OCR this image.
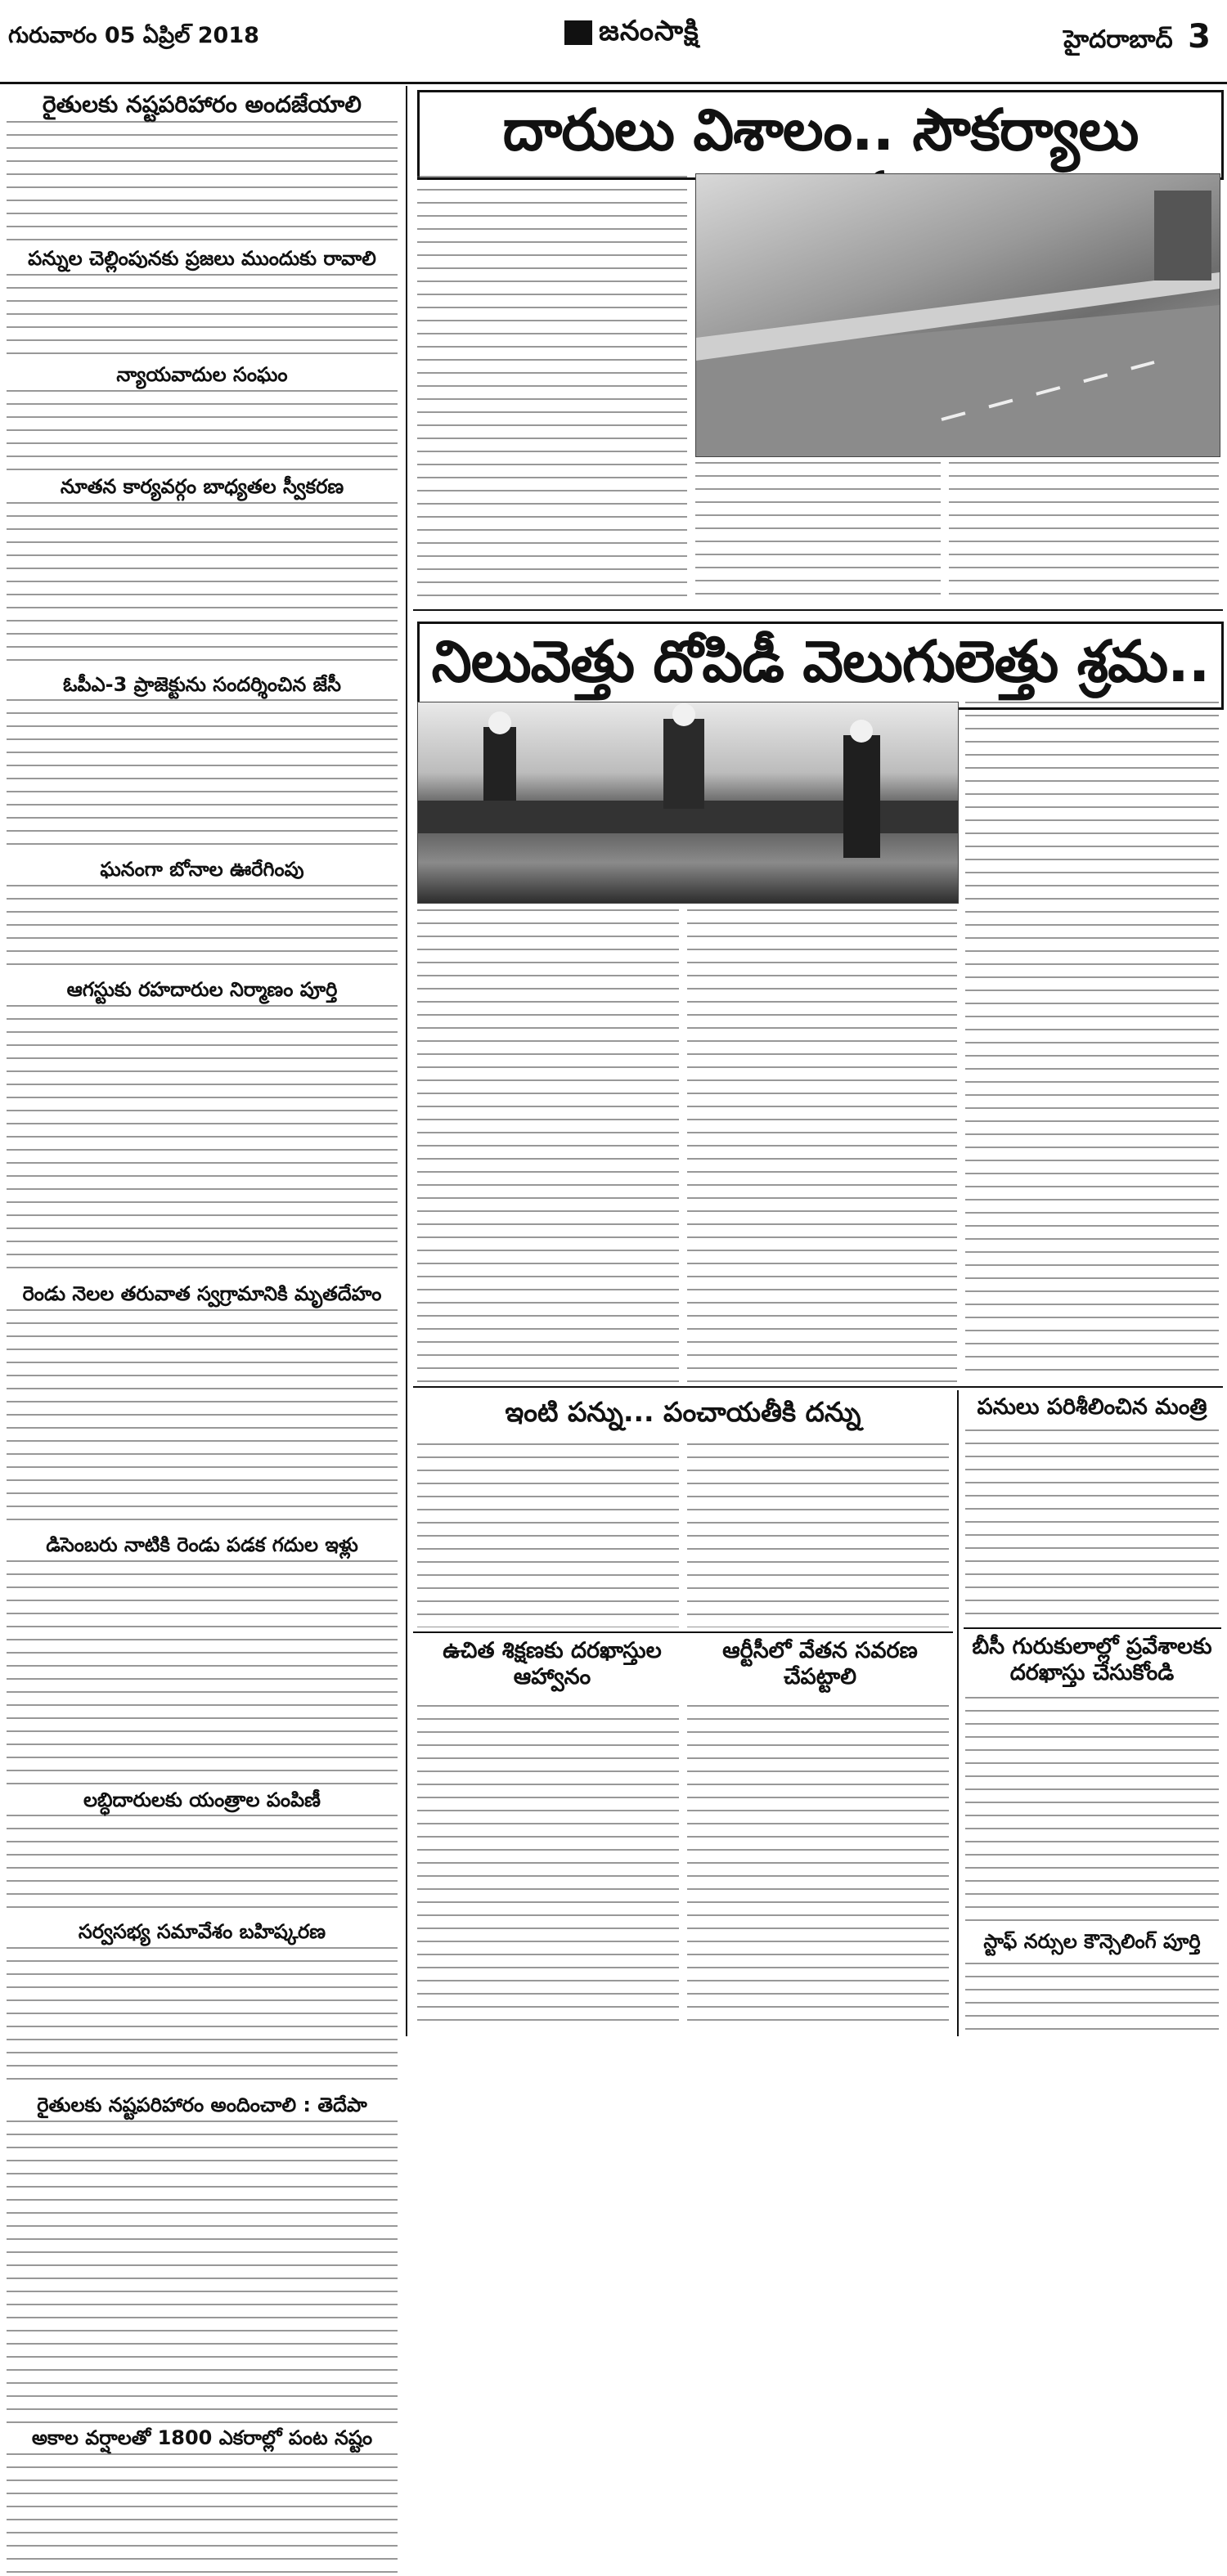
గురువారం 05 ఏప్రిల్ 2018	జనంసాక్షి	హైదరాబాద్ 3
రైతులకు నష్టపరిహారం అందజేయాలి
పన్నుల చెల్లింపునకు ప్రజలు ముందుకు రావాలి
న్యాయవాదుల సంఘం
నూతన కార్యవర్గం బాధ్యతల స్వీకరణ
ఓపీఎ-3 ప్రాజెక్టును సందర్శించిన జేసీ
ఘనంగా బోనాల ఊరేగింపు
ఆగస్టుకు రహదారుల నిర్మాణం పూర్తి
రెండు నెలల తరువాత స్వగ్రామానికి మృతదేహం
డిసెంబరు నాటికి రెండు పడక గదుల ఇళ్లు
లబ్ధిదారులకు యంత్రాల పంపిణీ
సర్వసభ్య సమావేశం బహిష్కరణ
రైతులకు నష్టపరిహారం అందించాలి : తెదేపా
అకాల వర్షాలతో 1800 ఎకరాల్లో పంట నష్టం
దారులు విశాలం.. సౌకర్యాలు
నిలువెత్తు దోపిడీ వెలుగులెత్తు శ్రమ..
ఇంటి పన్ను... పంచాయతీకి దన్ను
ఉచిత శిక్షణకు దరఖాస్తుల
ఆహ్వానం
ఆర్టీసీలో వేతన సవరణ
చేపట్టాలి
పనులు పరిశీలించిన మంత్రి
బీసీ గురుకులాల్లో ప్రవేశాలకు
దరఖాస్తు చేసుకోండి
స్టాఫ్ నర్సుల కౌన్సెలింగ్ పూర్తి
